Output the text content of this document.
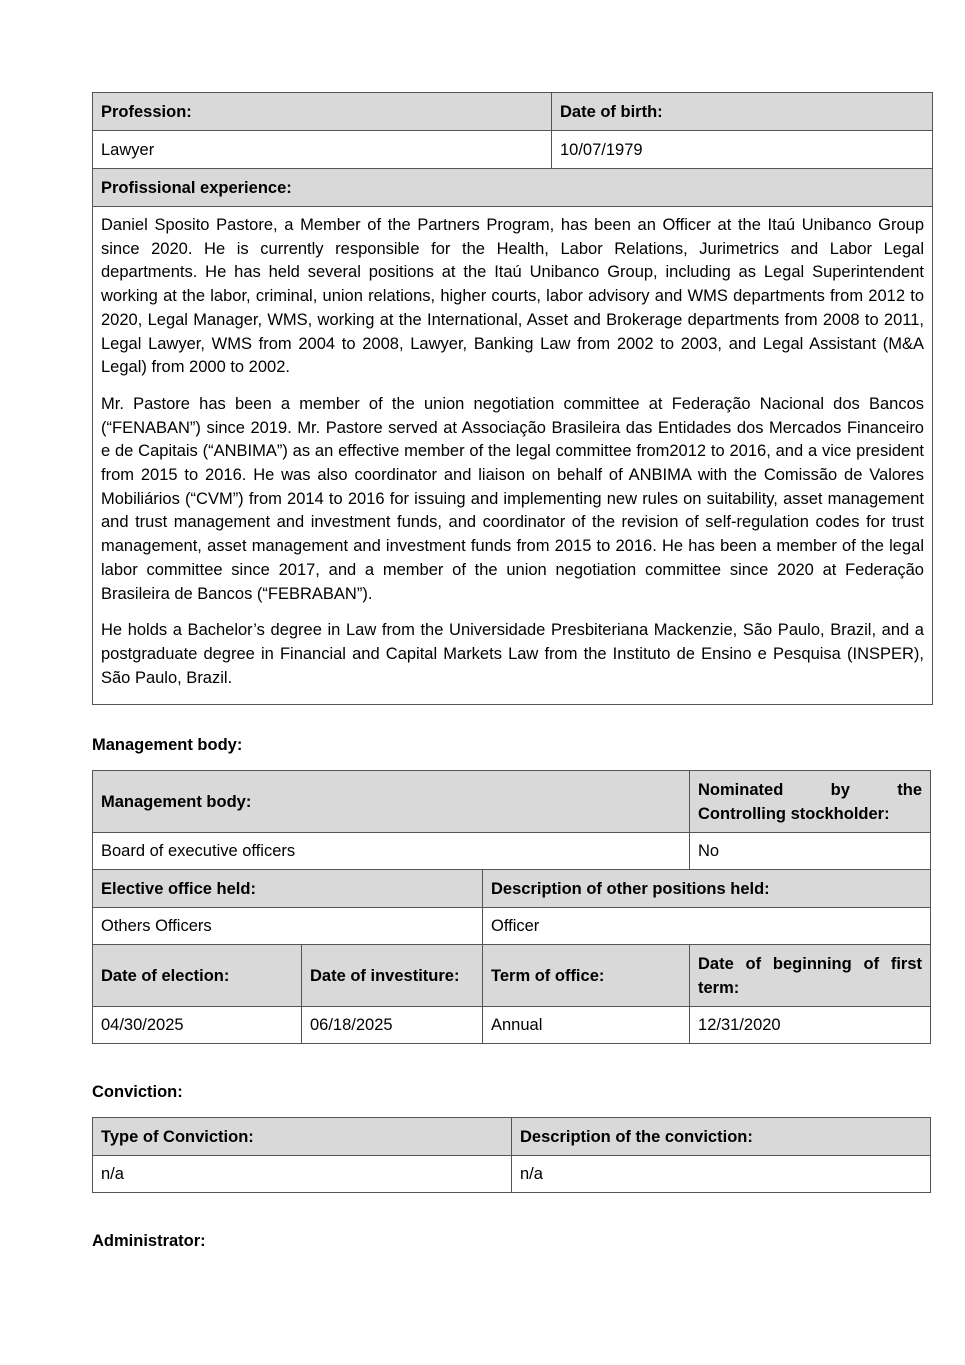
Profession:	Date of birth:
Lawyer	10/07/1979
Profissional experience:	

Daniel Sposito Pastore, a Member of the Partners Program, has been an Officer at the Itaú Unibanco Group since 2020. He is currently responsible for the Health, Labor Relations, Jurimetrics and Labor Legal departments. He has held several positions at the Itaú Unibanco Group, including as Legal Superintendent working at the labor, criminal, union relations, higher courts, labor advisory and WMS departments from 2012 to 2020, Legal Manager, WMS, working at the International, Asset and Brokerage departments from 2008 to 2011, Legal Lawyer, WMS from 2004 to 2008, Lawyer, Banking Law from 2002 to 2003, and Legal Assistant (M&A Legal) from 2000 to 2002.

Mr. Pastore has been a member of the union negotiation committee at Federação Nacional dos Bancos (“FENABAN”) since 2019. Mr. Pastore served at Associação Brasileira das Entidades dos Mercados Financeiro e de Capitais (“ANBIMA”) as an effective member of the legal committee from2012 to 2016, and a vice president from 2015 to 2016. He was also coordinator and liaison on behalf of ANBIMA with the Comissão de Valores Mobiliários (“CVM”) from 2014 to 2016 for issuing and implementing new rules on suitability, asset management and trust management and investment funds, and coordinator of the revision of self-regulation codes for trust management, asset management and investment funds from 2015 to 2016. He has been a member of the legal labor committee since 2017, and a member of the union negotiation committee since 2020 at Federação Brasileira de Bancos (“FEBRABAN”).

He holds a Bachelor’s degree in Law from the Universidade Presbiteriana Mackenzie, São Paulo, Brazil, and a postgraduate degree in Financial and Capital Markets Law from the Instituto de Ensino e Pesquisa (INSPER), São Paulo, Brazil.	

Management body:
Management body:			Nominated by the Controlling stockholder:
Board of executive officers			No
Elective office held:		Description of other positions held:	
Others Officers		Officer	
Date of election:	Date of investiture:	Term of office:	Date of beginning of first term:
04/30/2025	06/18/2025	Annual	12/31/2020
Conviction:
Type of Conviction:	Description of the conviction:
n/a	n/a
Administrator:
